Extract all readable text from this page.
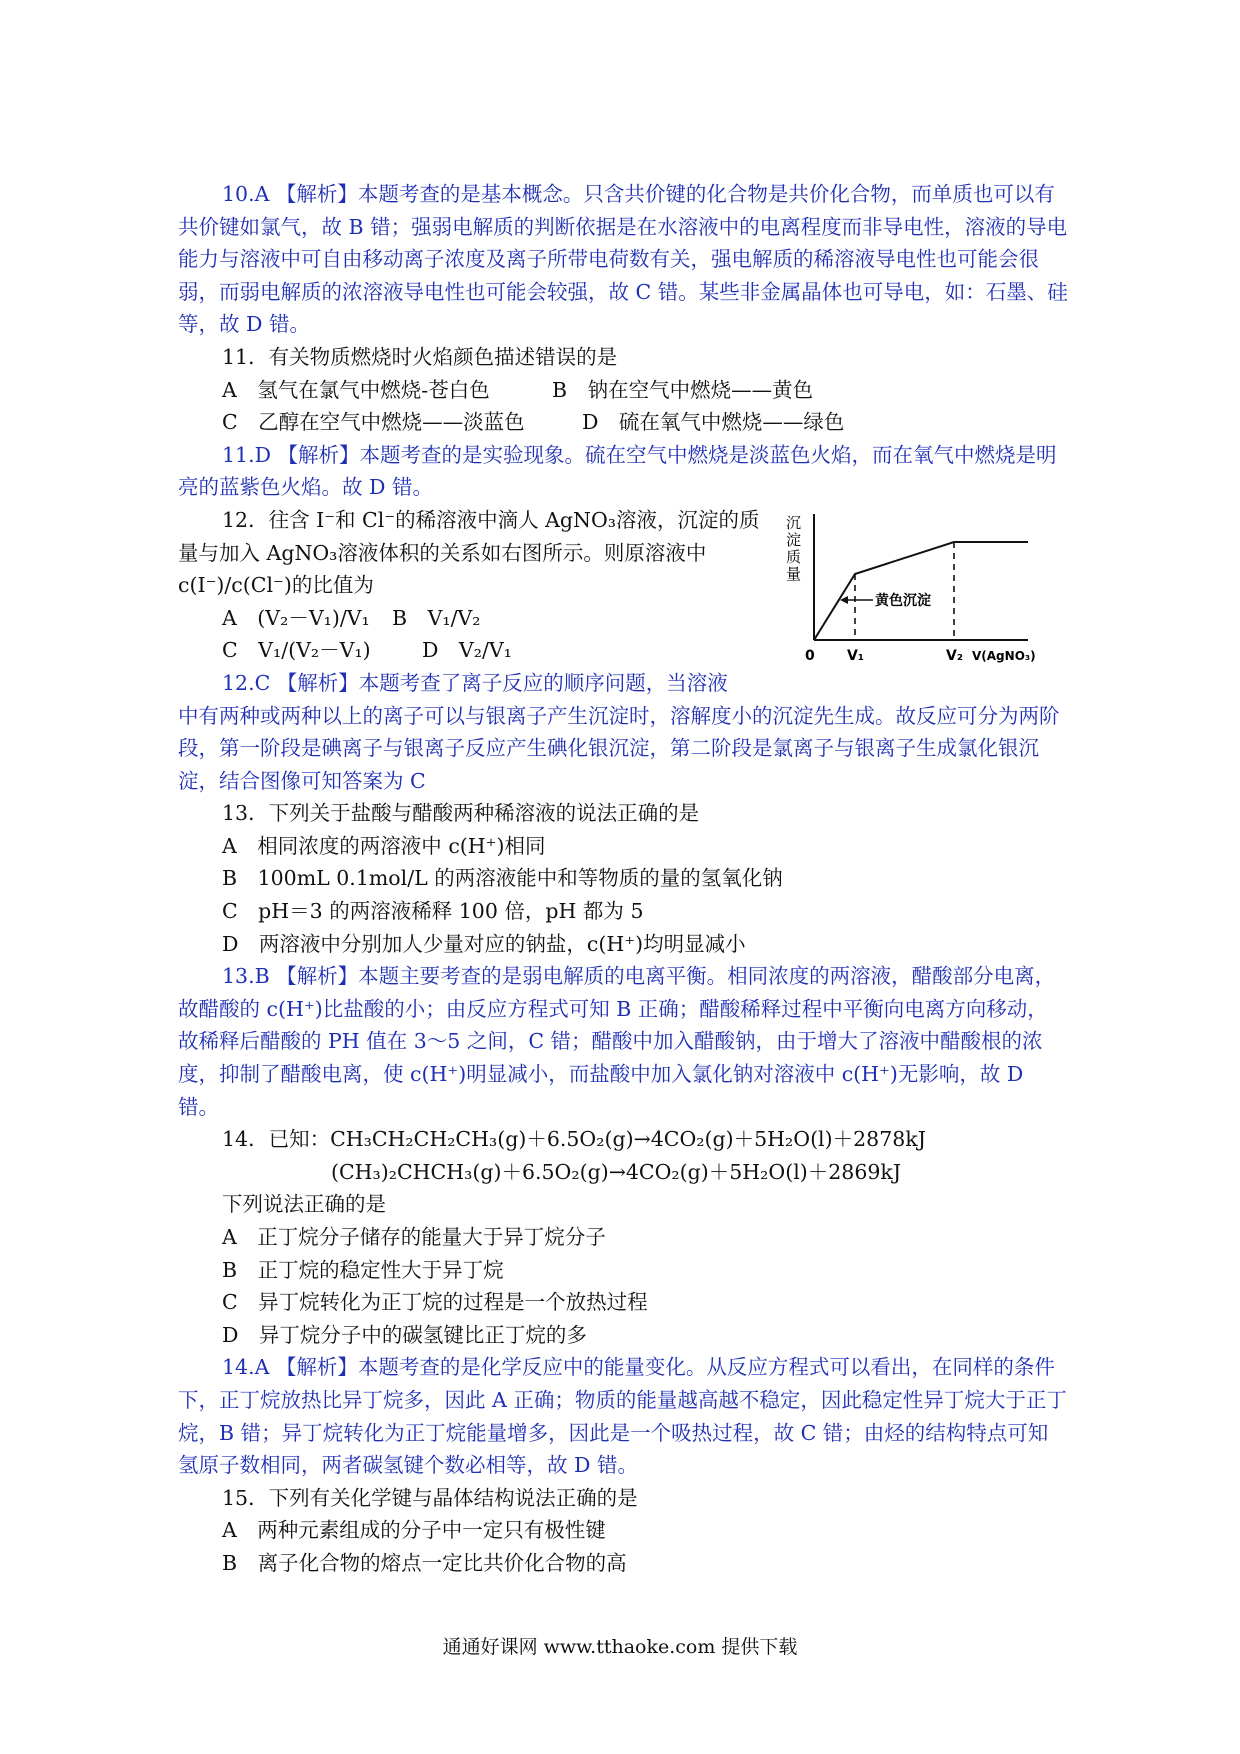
10.A 【解析】本题考查的是基本概念。只含共价键的化合物是共价化合物，而单质也可以有共价键如氯气，故 B 错；强弱电解质的判断依据是在水溶液中的电离程度而非导电性，溶液的导电能力与溶液中可自由移动离子浓度及离子所带电荷数有关，强电解质的稀溶液导电性也可能会很弱，而弱电解质的浓溶液导电性也可能会较强，故 C 错。某些非金属晶体也可导电，如：石墨、硅等，故 D 错。

11．有关物质燃烧时火焰颜色描述错误的是

A　氢气在氯气中燃烧-苍白色	B　钠在空气中燃烧——黄色
C　乙醇在空气中燃烧——淡蓝色	D　硫在氧气中燃烧——绿色

11.D 【解析】本题考查的是实验现象。硫在空气中燃烧是淡蓝色火焰，而在氧气中燃烧是明亮的蓝紫色火焰。故 D 错。

12．往含 I⁻和 Cl⁻的稀溶液中滴人 AgNO₃溶液，沉淀的质量与加入 AgNO₃溶液体积的关系如右图所示。则原溶液中 c(I⁻)/c(Cl⁻)的比值为

A　(V₂－V₁)/V₁	B　V₁/V₂
C　V₁/(V₂－V₁)	D　V₂/V₁

12.C 【解析】本题考查了离子反应的顺序问题，当溶液

沉
淀
质
量
黄色沉淀
0 V₁	V₂ V(AgNO₃)

中有两种或两种以上的离子可以与银离子产生沉淀时，溶解度小的沉淀先生成。故反应可分为两阶段，第一阶段是碘离子与银离子反应产生碘化银沉淀，第二阶段是氯离子与银离子生成氯化银沉淀，结合图像可知答案为 C

13．下列关于盐酸与醋酸两种稀溶液的说法正确的是

A　相同浓度的两溶液中 c(H⁺)相同

B　100mL 0.1mol/L 的两溶液能中和等物质的量的氢氧化钠

C　pH＝3 的两溶液稀释 100 倍，pH 都为 5

D　两溶液中分别加人少量对应的钠盐，c(H⁺)均明显减小

13.B 【解析】本题主要考查的是弱电解质的电离平衡。相同浓度的两溶液，醋酸部分电离，故醋酸的 c(H⁺)比盐酸的小；由反应方程式可知 B 正确；醋酸稀释过程中平衡向电离方向移动，故稀释后醋酸的 PH 值在 3～5 之间，C 错；醋酸中加入醋酸钠，由于增大了溶液中醋酸根的浓度，抑制了醋酸电离，使 c(H⁺)明显减小，而盐酸中加入氯化钠对溶液中 c(H⁺)无影响，故 D 错。

14．已知：CH₃CH₂CH₂CH₃(g)＋6.5O₂(g)→4CO₂(g)＋5H₂O(l)＋2878kJ

(CH₃)₂CHCH₃(g)＋6.5O₂(g)→4CO₂(g)＋5H₂O(l)＋2869kJ

下列说法正确的是

A　正丁烷分子储存的能量大于异丁烷分子

B　正丁烷的稳定性大于异丁烷

C　异丁烷转化为正丁烷的过程是一个放热过程

D　异丁烷分子中的碳氢键比正丁烷的多

14.A 【解析】本题考查的是化学反应中的能量变化。从反应方程式可以看出，在同样的条件下，正丁烷放热比异丁烷多，因此 A 正确；物质的能量越高越不稳定，因此稳定性异丁烷大于正丁烷，B 错；异丁烷转化为正丁烷能量增多，因此是一个吸热过程，故 C 错；由烃的结构特点可知氢原子数相同，两者碳氢键个数必相等，故 D 错。

15．下列有关化学键与晶体结构说法正确的是

A　两种元素组成的分子中一定只有极性键

B　离子化合物的熔点一定比共价化合物的高

通通好课网 www.tthaoke.com 提供下载
